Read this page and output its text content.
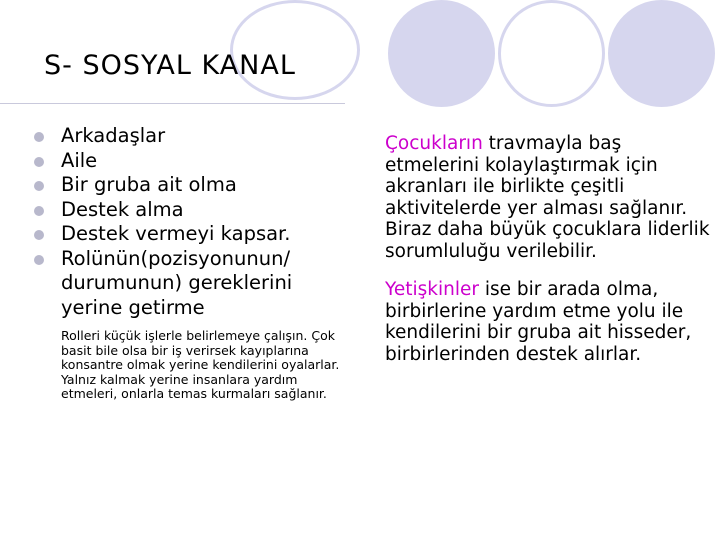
S- SOSYAL KANAL
Arkadaşlar
Aile
Bir gruba ait olma
Destek alma
Destek vermeyi kapsar.
Rolünün(pozisyonunun/ durumunun) gereklerini yerine getirme

Rolleri küçük işlerle belirlemeye çalışın. Çok basit bile olsa bir iş verirsek kayıplarına konsantre olmak yerine kendilerini oyalarlar. Yalnız kalmak yerine insanlara yardım etmeleri, onlarla temas kurmaları sağlanır.

Çocukların travmayla baş etmelerini kolaylaştırmak için akranları ile birlikte çeşitli aktivitelerde yer alması sağlanır. Biraz daha büyük çocuklara liderlik sorumluluğu verilebilir.

Yetişkinler ise bir arada olma, birbirlerine yardım etme yolu ile kendilerini bir gruba ait hisseder, birbirlerinden destek alırlar.
